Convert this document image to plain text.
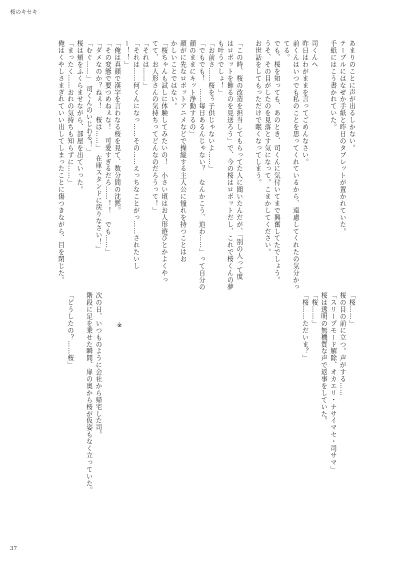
桜のキセキ
あまりのことに声が出るしかない。
テーブルにはなぜか手紙と昨日のタブレットが置かれていた。
手紙にはこう書かれていた。
司くんへ
昨日はわがままを言ってごめんなさい。
前くんはいつでも私のことを思ってくれているから、遠慮してくれたの気分かっ
てる。
でも、桜を知っても、あのとき、司くんに気付いてまで興奮してたでしょう。
うそ、その目がしたのを見落とす気になって。こまかしてください。
お世話をしてもっただけで眠くなってしまう。
「この時、桜の改造を担当してもらってた人に聞いたんだが、「別の人って度
はロボットを飾るのを見送ろう」で、今の桜はロボットだし、これで桜くんの夢
も叶うでしょ！」
「お前さ……桜をぅ子供じゃないよ……」
「でもでも！　……毎日あるんじゃない？　なんかこう、追わ……」って自分の
顔のままにキット浄動するの」
顔がに先なロボットアニメなどで操縦する主人公に憧れを持つことはお
かしいことではない。
「桜ちゃんも試しに体験してみたいの！　小さい頃はお人形遊びとかよくやっ
てて、お人形さんの気持ちってどんなのだろうって！」
「それは……」
「それは……何くんになっ……その……えっちなことがっ……されたいし
ー！！」
「俺は真顔で漢字を言わなる桜を見て、数分間の沈黙。
「その変態で要つめねぇな！　可愛すぎるだろ……！！　でも……」
「ダメなのか？ねぇ！　桜は……」　在庫スタンドに戻りなさい！」
「むぐ……」　司くんのいじわる！」
桜は頬をふくらませながら、部屋を出ていった。
「まったく……おれの気持ちも知らずに……」
俺はくやしさまぎれていい出してしまったことに傷つきながら、目を閉じた。
「桜……」
桜の目の前に立つ。声がする……
「スリープモード解除、オカエリ・ナサイマセ・司サマ」
桜は透明の無機質な声で返事をしていた。
「桜……」
「桜……ただいま？」
次の日、いつものように会社から帰宅した司。
階段に足を乗せた瞬間、扉の奥から桜が仮姿もなく立っていた。
「どうしたの？……桜」	※
37
